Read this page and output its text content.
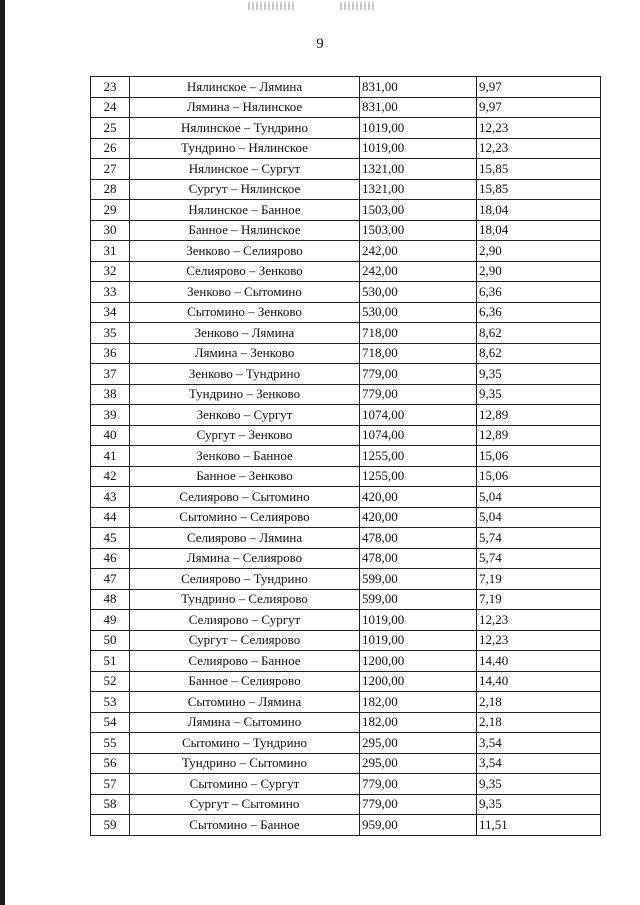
9
23	Нялинское – Лямина	831,00	9,97
24	Лямина – Нялинское	831,00	9,97
25	Нялинское – Тундрино	1019,00	12,23
26	Тундрино – Нялинское	1019,00	12,23
27	Нялинское – Сургут	1321,00	15,85
28	Сургут – Нялинское	1321,00	15,85
29	Нялинское – Банное	1503,00	18,04
30	Банное – Нялинское	1503,00	18,04
31	Зенково – Селиярово	242,00	2,90
32	Селиярово – Зенково	242,00	2,90
33	Зенково – Сытомино	530,00	6,36
34	Сытомино – Зенково	530,00	6,36
35	Зенково – Лямина	718,00	8,62
36	Лямина – Зенково	718,00	8,62
37	Зенково – Тундрино	779,00	9,35
38	Тундрино – Зенково	779,00	9,35
39	Зенково – Сургут	1074,00	12,89
40	Сургут – Зенково	1074,00	12,89
41	Зенково – Банное	1255,00	15,06
42	Банное – Зенково	1255,00	15,06
43	Селиярово – Сытомино	420,00	5,04
44	Сытомино – Селиярово	420,00	5,04
45	Селиярово – Лямина	478,00	5,74
46	Лямина – Селиярово	478,00	5,74
47	Селиярово – Тундрино	599,00	7,19
48	Тундрино – Селиярово	599,00	7,19
49	Селиярово – Сургут	1019,00	12,23
50	Сургут – Селиярово	1019,00	12,23
51	Селиярово – Банное	1200,00	14,40
52	Банное – Селиярово	1200,00	14,40
53	Сытомино – Лямина	182,00	2,18
54	Лямина – Сытомино	182,00	2,18
55	Сытомино – Тундрино	295,00	3,54
56	Тундрино – Сытомино	295,00	3,54
57	Сытомино – Сургут	779,00	9,35
58	Сургут – Сытомино	779,00	9,35
59	Сытомино – Банное	959,00	11,51
